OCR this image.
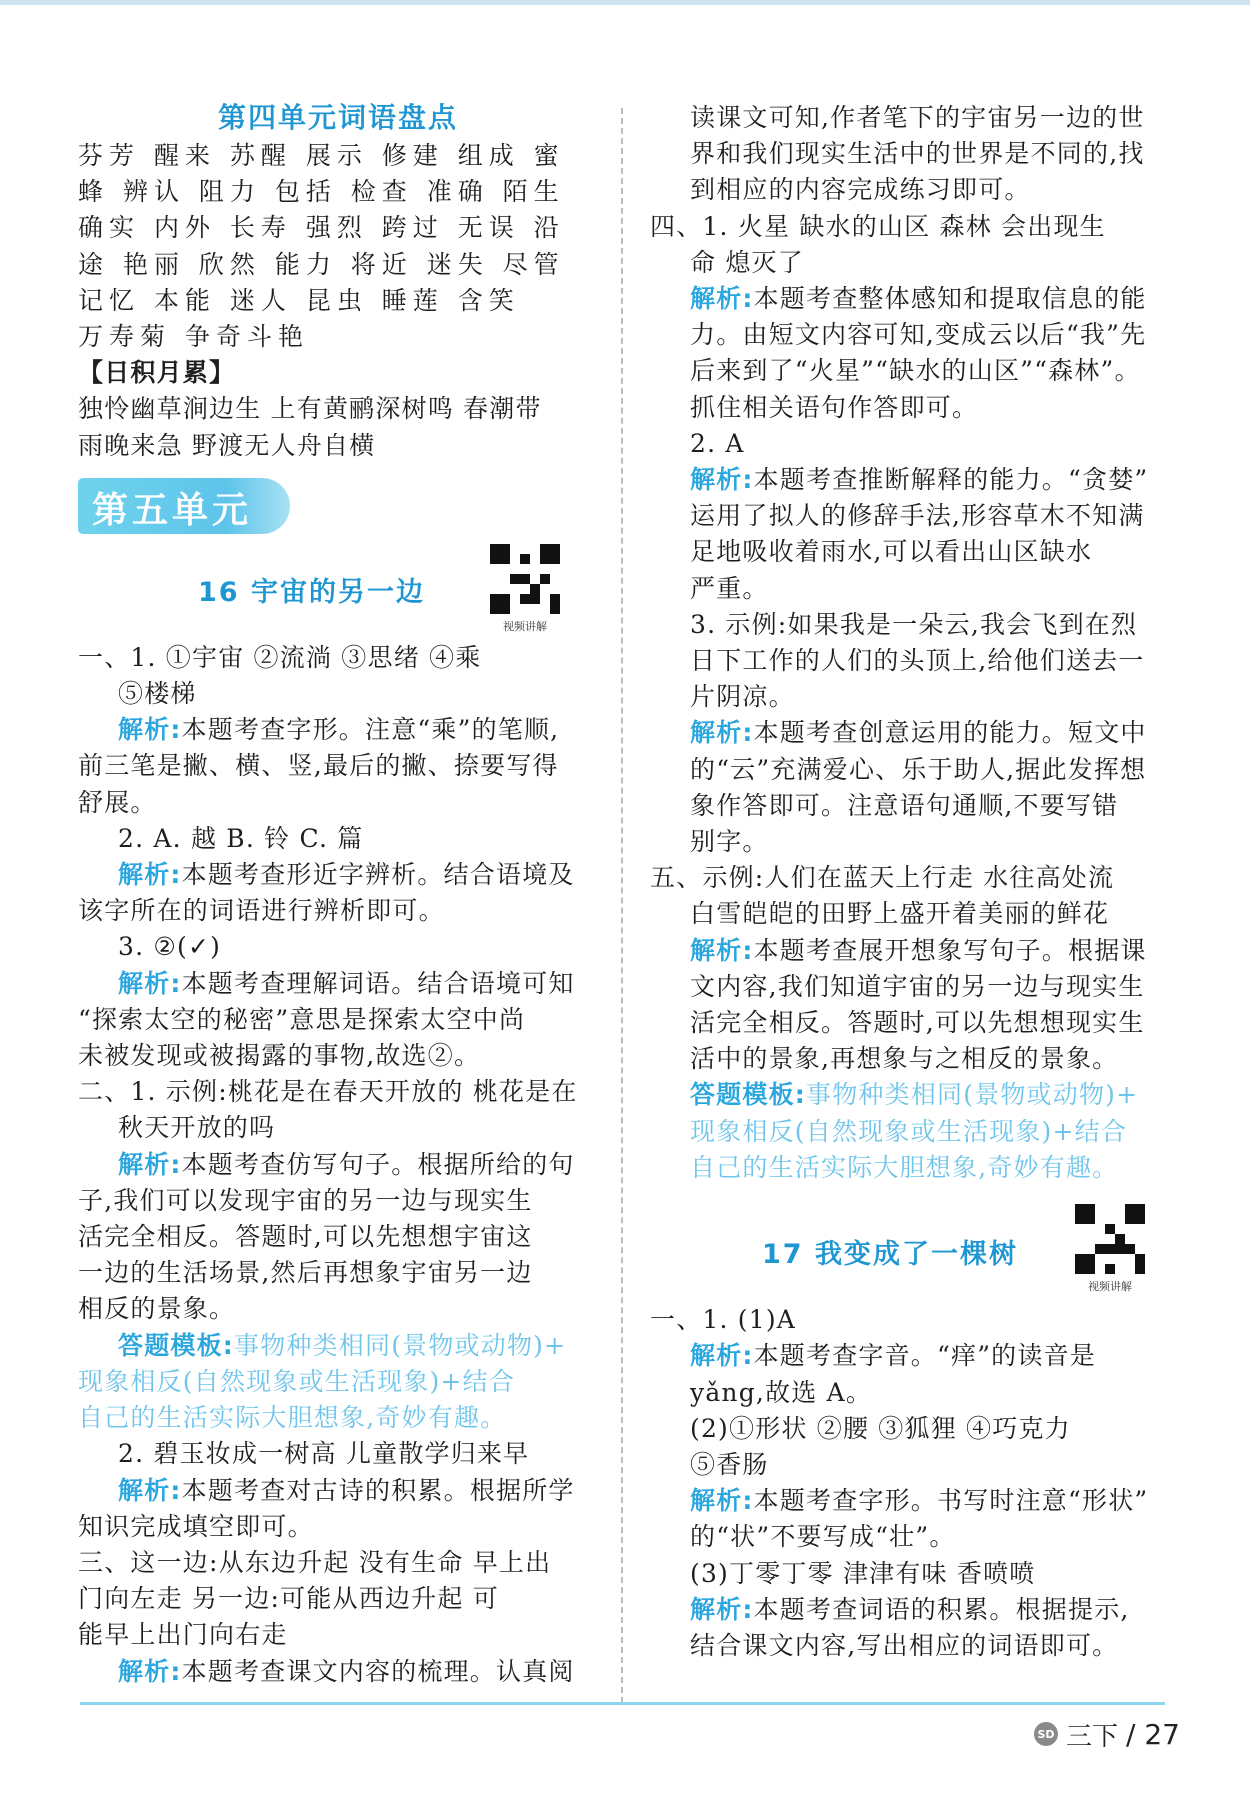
第四单元词语盘点

芬芳 醒来 苏醒 展示 修建 组成 蜜

蜂 辨认 阻力 包括 检查 准确 陌生

确实 内外 长寿 强烈 跨过 无误 沿

途 艳丽 欣然 能力 将近 迷失 尽管

记忆 本能 迷人 昆虫 睡莲 含笑

万寿菊 争奇斗艳

【日积月累】

独怜幽草涧边生 上有黄鹂深树鸣 春潮带

雨晚来急 野渡无人舟自横

第五单元
16 宇宙的另一边
视频讲解

一、1. ①宇宙 ②流淌 ③思绪 ④乘

⑤楼梯

解析:本题考查字形。注意“乘”的笔顺,

前三笔是撇、横、竖,最后的撇、捺要写得

舒展。

2. A. 越 B. 铃 C. 篇

解析:本题考查形近字辨析。结合语境及

该字所在的词语进行辨析即可。

3. ②(✓)

解析:本题考查理解词语。结合语境可知

“探索太空的秘密”意思是探索太空中尚

未被发现或被揭露的事物,故选②。

二、1. 示例:桃花是在春天开放的 桃花是在

秋天开放的吗

解析:本题考查仿写句子。根据所给的句

子,我们可以发现宇宙的另一边与现实生

活完全相反。答题时,可以先想想宇宙这

一边的生活场景,然后再想象宇宙另一边

相反的景象。

答题模板:事物种类相同(景物或动物)+

现象相反(自然现象或生活现象)+结合

自己的生活实际大胆想象,奇妙有趣。

2. 碧玉妆成一树高 儿童散学归来早

解析:本题考查对古诗的积累。根据所学

知识完成填空即可。

三、这一边:从东边升起 没有生命 早上出

门向左走 另一边:可能从西边升起 可

能早上出门向右走

解析:本题考查课文内容的梳理。认真阅

读课文可知,作者笔下的宇宙另一边的世

界和我们现实生活中的世界是不同的,找

到相应的内容完成练习即可。

四、1. 火星 缺水的山区 森林 会出现生

命 熄灭了

解析:本题考查整体感知和提取信息的能

力。由短文内容可知,变成云以后“我”先

后来到了“火星”“缺水的山区”“森林”。

抓住相关语句作答即可。

2. A

解析:本题考查推断解释的能力。“贪婪”

运用了拟人的修辞手法,形容草木不知满

足地吸收着雨水,可以看出山区缺水

严重。

3. 示例:如果我是一朵云,我会飞到在烈

日下工作的人们的头顶上,给他们送去一

片阴凉。

解析:本题考查创意运用的能力。短文中

的“云”充满爱心、乐于助人,据此发挥想

象作答即可。注意语句通顺,不要写错

别字。

五、示例:人们在蓝天上行走 水往高处流

白雪皑皑的田野上盛开着美丽的鲜花

解析:本题考查展开想象写句子。根据课

文内容,我们知道宇宙的另一边与现实生

活完全相反。答题时,可以先想想现实生

活中的景象,再想象与之相反的景象。

答题模板:事物种类相同(景物或动物)+

现象相反(自然现象或生活现象)+结合

自己的生活实际大胆想象,奇妙有趣。

17 我变成了一棵树
视频讲解

一、1. (1)A

解析:本题考查字音。“痒”的读音是

yǎng,故选 A。

(2)①形状 ②腰 ③狐狸 ④巧克力

⑤香肠

解析:本题考查字形。书写时注意“形状”

的“状”不要写成“壮”。

(3)丁零丁零 津津有味 香喷喷

解析:本题考查词语的积累。根据提示,

结合课文内容,写出相应的词语即可。

SD 三下 / 27
